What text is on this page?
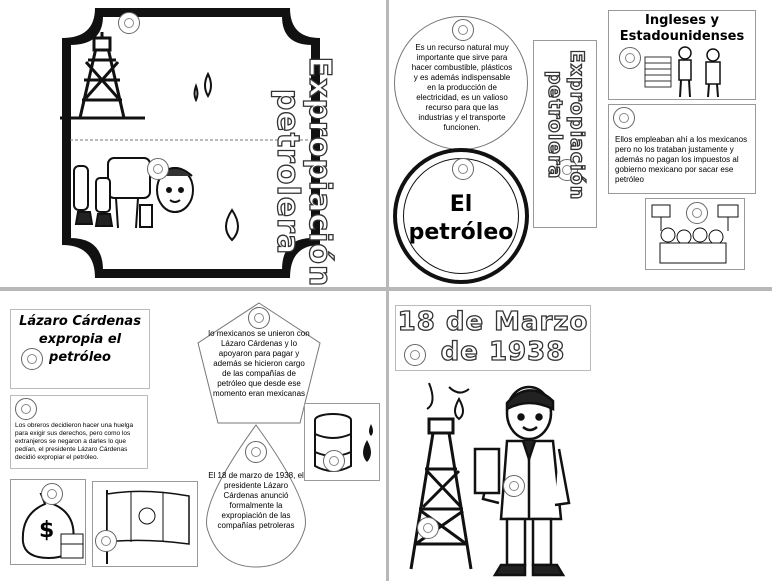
Expropiación petrolera
Es un recurso natural muy importante que sirve para hacer combustible, plásticos y es además indispensable en la producción de electricidad, es un valioso recurso para que las industrias y el transporte funcionen.
El
petróleo
Expropiación petrolera
Ingleses y
Estadounidenses
Ellos empleaban ahí a los mexicanos pero no los trataban justamente y además no pagan los impuestos al gobierno mexicano por sacar ese petróleo
Lázaro Cárdenas
expropia el
petróleo
Los obreros decidieron hacer una huelga para exigir sus derechos, pero como los extranjeros se negaron a darles lo que pedían, el presidente Lázaro Cárdenas decidió expropiar el petróleo.
$
lo mexicanos se unieron con Lázaro Cárdenas y lo apoyaron para pagar y además se hicieron cargo de las compañías de petróleo que desde ese momento eran mexicanas
El 18 de marzo de 1938, el presidente Lázaro Cárdenas anunció formalmente la expropiación de las compañías petroleras
18 de Marzo
de 1938
